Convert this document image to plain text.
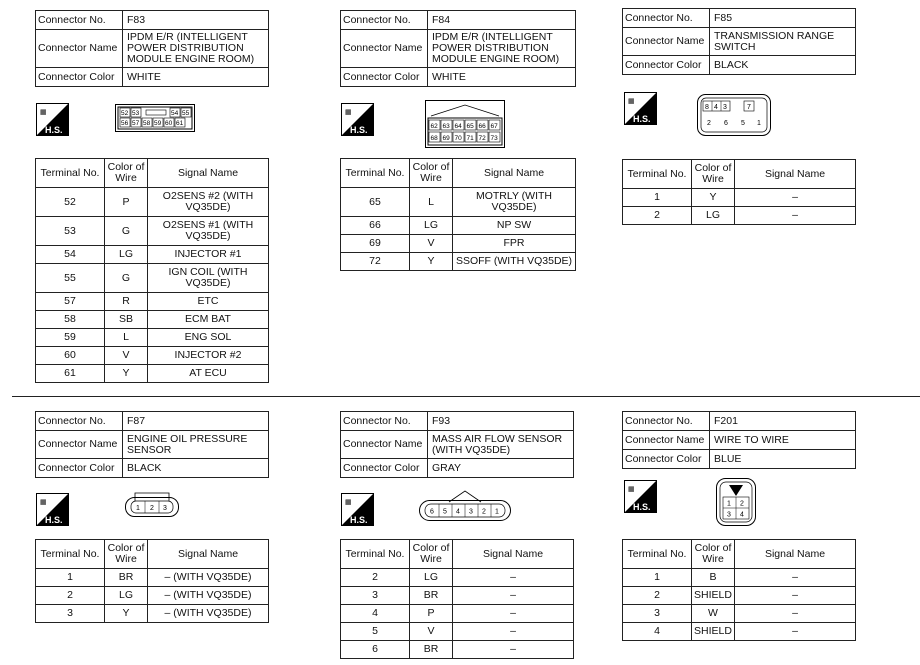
Connector No.	F83
Connector Name	IPDM E/R (INTELLIGENT POWER DISTRIBUTION MODULE ENGINE ROOM)
Connector Color	WHITE
▦
H.S.
52 53	54 55
56 57 58 59 60 61
Terminal No.	Color of Wire	Signal Name
52	P	O2SENS #2 (WITH VQ35DE)
53	G	O2SENS #1 (WITH VQ35DE)
54	LG	INJECTOR #1
55	G	IGN COIL (WITH VQ35DE)
57	R	ETC
58	SB	ECM BAT
59	L	ENG SOL
60	V	INJECTOR #2
61	Y	AT ECU
Connector No.	F84
Connector Name	IPDM E/R (INTELLIGENT POWER DISTRIBUTION MODULE ENGINE ROOM)
Connector Color	WHITE
▦
H.S.	62 63 64 65 66 67
68 69 70 71 72 73
Terminal No.	Color of Wire	Signal Name
65	L	MOTRLY (WITH VQ35DE)
66	LG	NP SW
69	V	FPR
72	Y	SSOFF (WITH VQ35DE)
Connector No.	F85
Connector Name	TRANSMISSION RANGE SWITCH
Connector Color	BLACK
▦
H.S.
8 4 3	7
2 6 5 1
Terminal No.	Color of Wire	Signal Name
1	Y	–
2	LG	–
Connector No.	F87
Connector Name	ENGINE OIL PRESSURE SENSOR
Connector Color	BLACK
▦
H.S.
1 2 3
Terminal No.	Color of Wire	Signal Name
1	BR	– (WITH VQ35DE)
2	LG	– (WITH VQ35DE)
3	Y	– (WITH VQ35DE)
Connector No.	F93
Connector Name	MASS AIR FLOW SENSOR (WITH VQ35DE)
Connector Color	GRAY
▦
H.S.
6 5 4 3 2 1
Terminal No.	Color of Wire	Signal Name
2	LG	–
3	BR	–
4	P	–
5	V	–
6	BR	–
Connector No.	F201
Connector Name	WIRE TO WIRE
Connector Color	BLUE
▦
H.S.	1 2
3 4
Terminal No.	Color of Wire	Signal Name
1	B	–
2	SHIELD	–
3	W	–
4	SHIELD	–
